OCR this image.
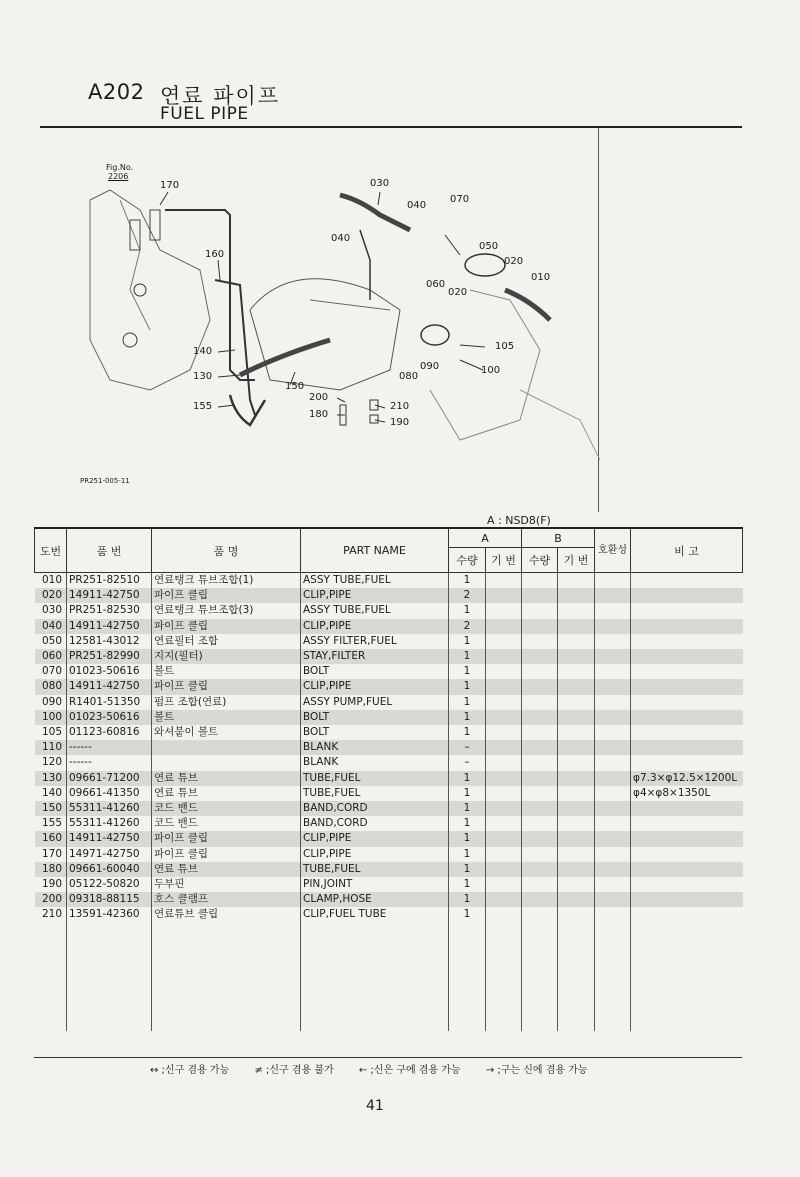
A202 연료 파이프
FUEL PIPE
Fig.No.
2206
170	030
040
070
040
050
020
010
160
060
020
140	105
130
150
090
080
100
155
200
210
180
190
PR251-005-11
A : NSD8(F)
도번	품 번	품 명	PART NAME	A		B		호환성	비 고
				수량	기 번	수량	기 번		
010	PR251-82510	연료탱크 튜브조합(1)	ASSY TUBE,FUEL	1					
020	14911-42750	파이프 클립	CLIP,PIPE	2					
030	PR251-82530	연료탱크 튜브조합(3)	ASSY TUBE,FUEL	1					
040	14911-42750	파이프 클립	CLIP,PIPE	2					
050	12581-43012	연료필터 조합	ASSY FILTER,FUEL	1					
060	PR251-82990	지지(필터)	STAY,FILTER	1					
070	01023-50616	볼트	BOLT	1					
080	14911-42750	파이프 클립	CLIP,PIPE	1					
090	R1401-51350	펌프 조합(연료)	ASSY PUMP,FUEL	1					
100	01023-50616	볼트	BOLT	1					
105	01123-60816	와셔붙이 볼트	BOLT	1					
110	------		BLANK	–					
120	------		BLANK	–					
130	09661-71200	연료 튜브	TUBE,FUEL	1					φ7.3×φ12.5×1200L
140	09661-41350	연료 튜브	TUBE,FUEL	1					φ4×φ8×1350L
150	55311-41260	코드 밴드	BAND,CORD	1					
155	55311-41260	코드 밴드	BAND,CORD	1					
160	14911-42750	파이프 클립	CLIP,PIPE	1					
170	14971-42750	파이프 클립	CLIP,PIPE	1					
180	09661-60040	연료 튜브	TUBE,FUEL	1					
190	05122-50820	두부핀	PIN,JOINT	1					
200	09318-88115	호스 클램프	CLAMP,HOSE	1					
210	13591-42360	연료튜브 클립	CLIP,FUEL TUBE	1					

↔ ;신구 겸용 가능	≠ ;신구 겸용 불가	← ;신은 구에 겸용 가능	→ ;구는 신에 겸용 가능
41
